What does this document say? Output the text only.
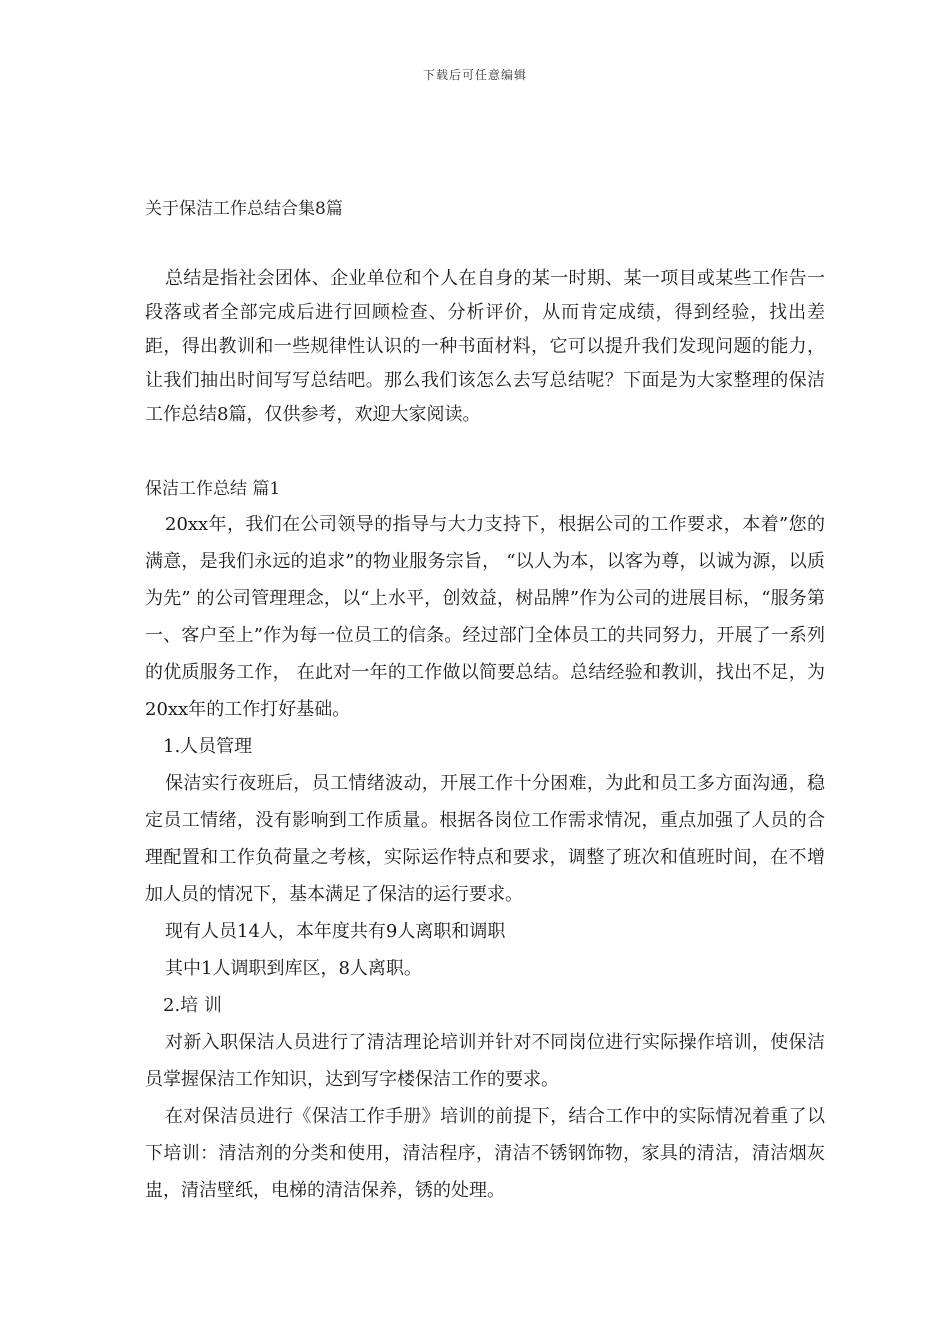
下载后可任意编辑
关于保洁工作总结合集8篇

总结是指社会团体、企业单位和个人在自身的某一时期、某一项目或某些工作告一段落或者全部完成后进行回顾检查、分析评价，从而肯定成绩，得到经验，找出差距，得出教训和一些规律性认识的一种书面材料，它可以提升我们发现问题的能力，让我们抽出时间写写总结吧。那么我们该怎么去写总结呢？下面是为大家整理的保洁工作总结8篇，仅供参考，欢迎大家阅读。

保洁工作总结 篇1

20xx年，我们在公司领导的指导与大力支持下，根据公司的工作要求，本着”您的满意，是我们永远的追求”的物业服务宗旨， “以人为本，以客为尊，以诚为源，以质为先” 的公司管理理念，以“上水平，创效益，树品牌”作为公司的进展目标，“服务第一、客户至上”作为每一位员工的信条。经过部门全体员工的共同努力，开展了一系列的优质服务工作， 在此对一年的工作做以简要总结。总结经验和教训，找出不足，为20xx年的工作打好基础。

1.人员管理

保洁实行夜班后，员工情绪波动，开展工作十分困难，为此和员工多方面沟通，稳定员工情绪，没有影响到工作质量。根据各岗位工作需求情况，重点加强了人员的合理配置和工作负荷量之考核，实际运作特点和要求，调整了班次和值班时间，在不增加人员的情况下，基本满足了保洁的运行要求。

现有人员14人，本年度共有9人离职和调职

其中1人调职到库区，8人离职。

2.培 训

对新入职保洁人员进行了清洁理论培训并针对不同岗位进行实际操作培训，使保洁员掌握保洁工作知识，达到写字楼保洁工作的要求。

在对保洁员进行《保洁工作手册》培训的前提下，结合工作中的实际情况着重了以下培训：清洁剂的分类和使用，清洁程序，清洁不锈钢饰物，家具的清洁，清洁烟灰盅，清洁壁纸，电梯的清洁保养，锈的处理。
